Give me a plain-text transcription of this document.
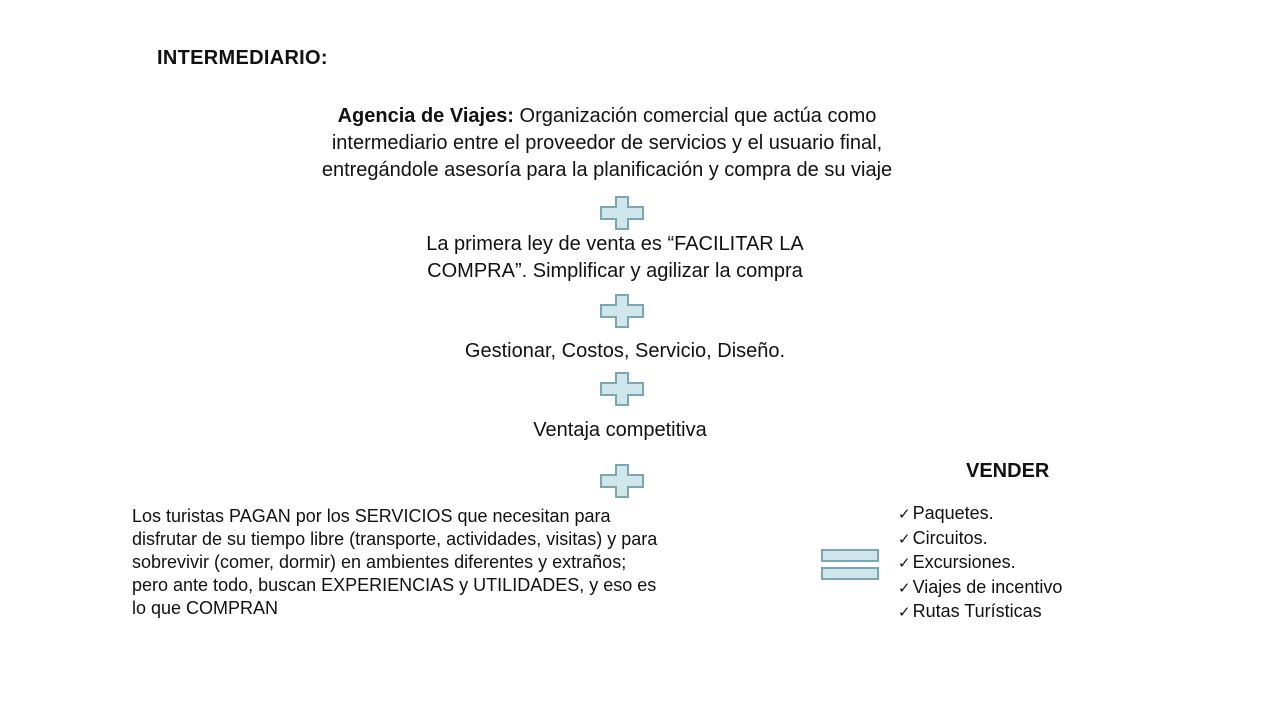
INTERMEDIARIO:
Agencia de Viajes: Organización comercial que actúa como
intermediario entre el proveedor de servicios y el usuario final,
entregándole asesoría para la planificación y compra de su viaje
La primera ley de venta es “FACILITAR LA
COMPRA”. Simplificar y agilizar la compra
Gestionar, Costos, Servicio, Diseño.
Ventaja competitiva
Los turistas PAGAN por los SERVICIOS que necesitan para
disfrutar de su tiempo libre (transporte, actividades, visitas) y para
sobrevivir (comer, dormir) en ambientes diferentes y extraños;
pero ante todo, buscan EXPERIENCIAS y UTILIDADES, y eso es
lo que COMPRAN
VENDER
✓ Paquetes.
✓ Circuitos.
✓ Excursiones.
✓ Viajes de incentivo
✓ Rutas Turísticas
